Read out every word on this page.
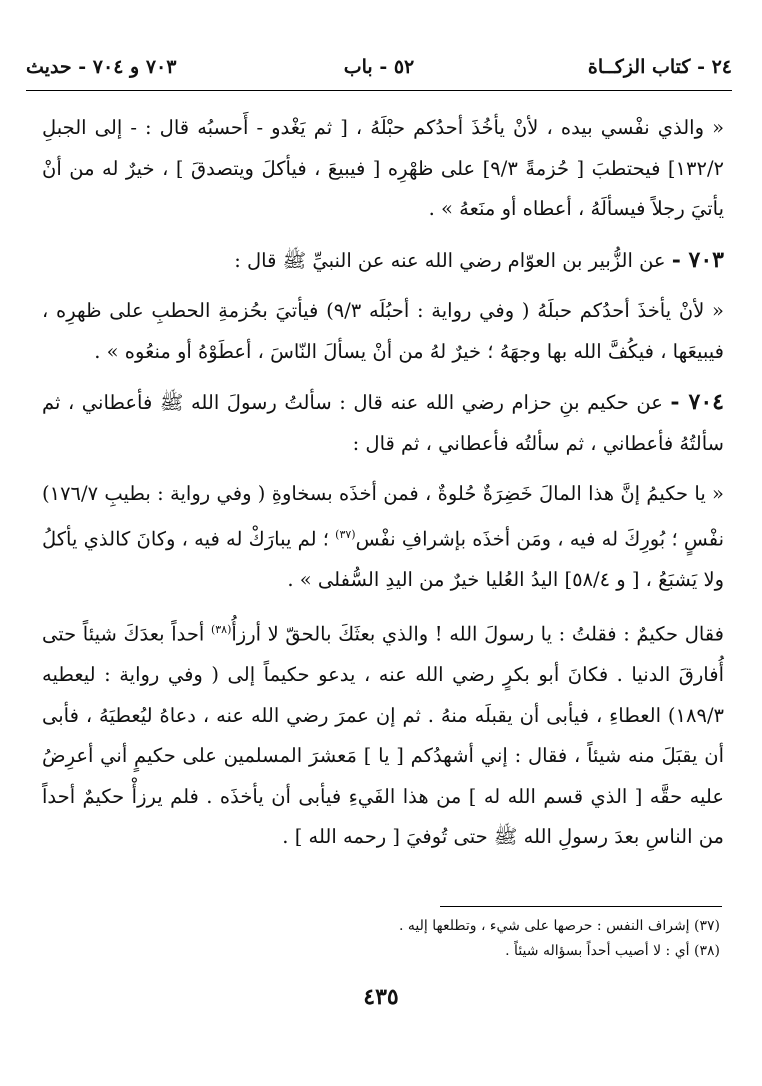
٢٤ - كتاب الزكــاة
٥٢ - باب
٧٠٣ و ٧٠٤ - حديث

« والذي نفْسي بيده ، لأنْ يأخُذَ أحدُكم حبْلَهُ ، [ ثم يَغْدو - أَحسبُه قال : - إلى الجبلِ ١٣٢/٢] فيحتطبَ [ حُزمةً ٩/٣] على ظهْرِه [ فيبيعَ ، فيأكلَ ويتصدقَ ] ، خيرٌ له من أنْ يأتيَ رجلاً فيسألَهُ ، أعطاه أو منَعهُ » .

٧٠٣ - عن الزُّبير بن العوّام رضي الله عنه عن النبيِّ ﷺ قال :

« لأنْ يأخذَ أحدُكم حبلَهُ ( وفي رواية : أحبُلَه ٩/٣) فيأتيَ بحُزمةِ الحطبِ على ظهرِه ، فيبيعَها ، فيكُفَّ الله بها وجهَهُ ؛ خيرٌ لهُ من أنْ يسألَ النّاسَ ، أعطَوْهُ أو منعُوه » .

٧٠٤ - عن حكيم بنِ حزام رضي الله عنه قال : سألتُ رسولَ الله ﷺ فأعطاني ، ثم سألتُهُ فأعطاني ، ثم سألتُه فأعطاني ، ثم قال :

« يا حكيمُ إنَّ هذا المالَ خَضِرَةٌ حُلوةٌ ، فمن أخذَه بسخاوةِ ( وفي رواية : بطيبِ ١٧٦/٧) نفْسٍ ؛ بُورِكَ له فيه ، ومَن أخذَه بإشرافِ نفْس$^{(٣٧)}$ ؛ لم يبارَكْ له فيه ، وكانَ كالذي يأكلُ ولا يَشبَعُ ، [ و ٥٨/٤] اليدُ العُليا خيرٌ من اليدِ السُّفلى » .

فقال حكيمٌ : فقلتُ : يا رسولَ الله ! والذي بعثَكَ بالحقّ لا أرزأُ$^{(٣٨)}$ أحداً بعدَكَ شيئاً حتى أُفارقَ الدنيا . فكانَ أبو بكرٍ رضي الله عنه ، يدعو حكيماً إلى ( وفي رواية : ليعطيه ١٨٩/٣) العطاءِ ، فيأبى أن يقبلَه منهُ . ثم إن عمرَ رضي الله عنه ، دعاهُ ليُعطيَهُ ، فأبى أن يقبَلَ منه شيئاً ، فقال : إني أشهدُكم [ يا ] مَعشرَ المسلمين على حكيمٍ أني أعرِضُ عليه حقَّه [ الذي قسم الله له ] من هذا الفَيءِ فيأبى أن يأخذَه . فلم يرزأْ حكيمٌ أحداً من الناسِ بعدَ رسولِ الله ﷺ حتى تُوفيَ [ رحمه الله ] .

(٣٧) إشراف النفس : حرصها على شيء ، وتطلعها إليه .

(٣٨) أي : لا أصيب أحداً بسؤاله شيئاً .

٤٣٥
